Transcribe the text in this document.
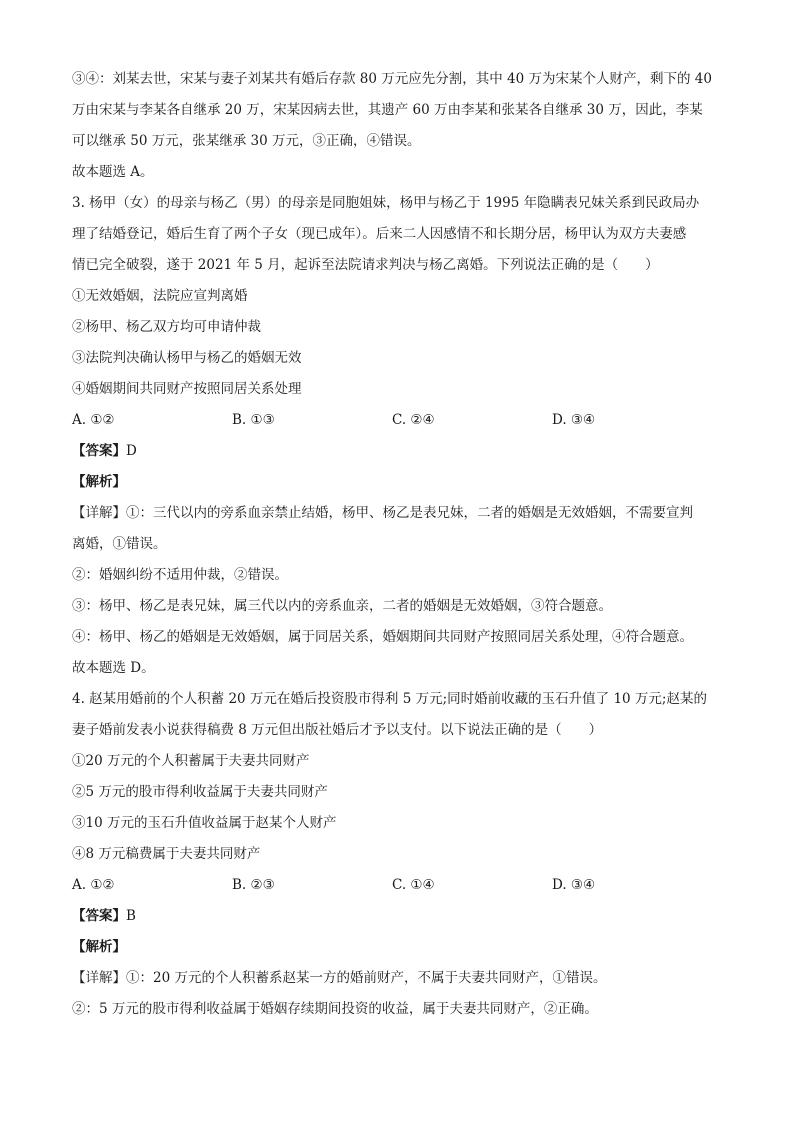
③④：刘某去世，宋某与妻子刘某共有婚后存款 80 万元应先分割，其中 40 万为宋某个人财产，剩下的 40

万由宋某与李某各自继承 20 万，宋某因病去世，其遗产 60 万由李某和张某各自继承 30 万，因此，李某

可以继承 50 万元，张某继承 30 万元，③正确，④错误。

故本题选 A。

3. 杨甲（女）的母亲与杨乙（男）的母亲是同胞姐妹，杨甲与杨乙于 1995 年隐瞒表兄妹关系到民政局办

理了结婚登记，婚后生育了两个子女（现已成年）。后来二人因感情不和长期分居，杨甲认为双方夫妻感

情已完全破裂，遂于 2021 年 5 月，起诉至法院请求判决与杨乙离婚。下列说法正确的是（　　）

①无效婚姻，法院应宣判离婚

②杨甲、杨乙双方均可申请仲裁

③法院判决确认杨甲与杨乙的婚姻无效

④婚姻期间共同财产按照同居关系处理

A. ①②	B. ①③	C. ②④	D. ③④

【答案】D

【解析】

【详解】①：三代以内的旁系血亲禁止结婚，杨甲、杨乙是表兄妹，二者的婚姻是无效婚姻，不需要宣判

离婚，①错误。

②：婚姻纠纷不适用仲裁，②错误。

③：杨甲、杨乙是表兄妹，属三代以内的旁系血亲，二者的婚姻是无效婚姻，③符合题意。

④：杨甲、杨乙的婚姻是无效婚姻，属于同居关系，婚姻期间共同财产按照同居关系处理，④符合题意。

故本题选 D。

4. 赵某用婚前的个人积蓄 20 万元在婚后投资股市得利 5 万元;同时婚前收藏的玉石升值了 10 万元;赵某的

妻子婚前发表小说获得稿费 8 万元但出版社婚后才予以支付。以下说法正确的是（　　）

①20 万元的个人积蓄属于夫妻共同财产

②5 万元的股市得利收益属于夫妻共同财产

③10 万元的玉石升值收益属于赵某个人财产

④8 万元稿费属于夫妻共同财产

A. ①②	B. ②③	C. ①④	D. ③④

【答案】B

【解析】

【详解】①：20 万元的个人积蓄系赵某一方的婚前财产，不属于夫妻共同财产，①错误。

②：5 万元的股市得利收益属于婚姻存续期间投资的收益，属于夫妻共同财产，②正确。
